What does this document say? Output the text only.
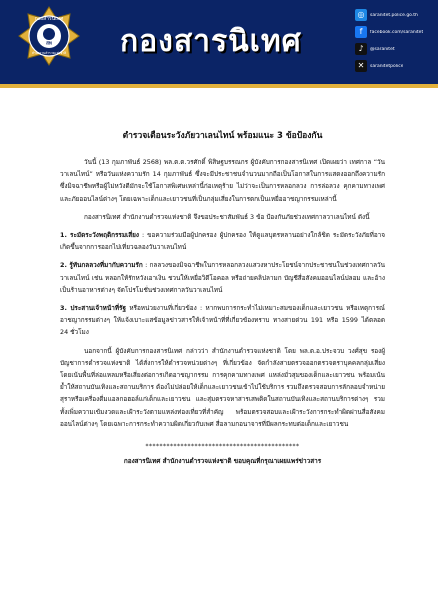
กองสารนิเทศ
สท
สำนักงานตำรวจแห่งชาติ กองสารนิเทศ
◎	saranitet.police.go.th
f	facebook.com/saranitet
♪	@saranitet
✕	saranitetpolice
ตำรวจเตือนระวังภัยวาเลนไทน์ พร้อมแนะ 3 ข้อป้องกัน

วันนี้ (13 กุมภาพันธ์ 2568) พล.ต.ต.วรศักดิ์ พิสิษฐบรรณกร ผู้บังคับการกองสารนิเทศ เปิดเผยว่า เทศกาล “วันวาเลนไทน์” หรือวันแห่งความรัก 14 กุมภาพันธ์ ซึ่งจะมีประชาชนจำนวนมากถือเป็นโอกาสในการแสดงออกถึงความรัก ซึ่งมิจฉาชีพหรือผู้ไม่หวังดีมักจะใช้โอกาสพิเศษเหล่านี้ก่อเหตุร้าย ไม่ว่าจะเป็นการหลอกลวง การล่อลวง คุกคามทางเพศ และภัยออนไลน์ต่างๆ โดยเฉพาะเด็กและเยาวชนที่เป็นกลุ่มเสี่ยงในการตกเป็นเหยื่ออาชญากรรมเหล่านี้

กองสารนิเทศ สำนักงานตำรวจแห่งชาติ จึงขอประชาสัมพันธ์ 3 ข้อ ป้องกันภัยช่วงเทศกาลวาเลนไทน์ ดังนี้

1. ระมัดระวังพฤติกรรมเสี่ยง : ขอความร่วมมือผู้ปกครอง ผู้ปกครอง ให้ดูแลบุตรหลานอย่างใกล้ชิด ระมัดระวังภัยที่อาจเกิดขึ้นจากการออกไปเที่ยวฉลองวันวาเลนไทน์

2. รู้ทันกลลวงที่มากับความรัก : กลลวงของมิจฉาชีพในการหลอกลวงแสวงหาประโยชน์จากประชาชนในช่วงเทศกาลวันวาเลนไทน์ เช่น หลอกให้รักหวังเอาเงิน ชวนให้เหยื่อวิดีโอคอล หรือถ่ายคลิปลามก บัญชีสื่อสังคมออนไลน์ปลอม และอ้างเป็นร้านอาหารต่างๆ จัดโปรโมชั่นช่วงเทศกาลวันวาเลนไทน์

3. ประสานเจ้าหน้าที่รัฐ หรือหน่วยงานที่เกี่ยวข้อง : หากพบการกระทำไม่เหมาะสมของเด็กและเยาวชน หรือเหตุการณ์อาชญากรรมต่างๆ ให้แจ้งเบาะแสข้อมูลข่าวสารให้เจ้าหน้าที่ที่เกี่ยวข้องทราบ ทางสายด่วน 191 หรือ 1599 ได้ตลอด 24 ชั่วโมง

นอกจากนี้ ผู้บังคับการกองสารนิเทศ กล่าวว่า สำนักงานตำรวจแห่งชาติ โดย พล.ต.อ.ประจวบ วงศ์สุข รองผู้บัญชาการตำรวจแห่งชาติ ได้สั่งการให้ตำรวจหน่วยต่างๆ ที่เกี่ยวข้อง จัดกำลังสายตรวจออกตรวจตราบุคคลกลุ่มเสี่ยง โดยเน้นพื้นที่ล่อแหลมหรือเสี่ยงต่อการเกิดอาชญากรรม การคุกคามทางเพศ แหล่งมั่วสุมของเด็กและเยาวชน พร้อมเน้นย้ำให้สถานบันเทิงและสถานบริการ ต้องไม่ปล่อยให้เด็กและเยาวชนเข้าไปใช้บริการ รวมถึงตรวจสอบการลักลอบจำหน่ายสุราหรือเครื่องดื่มแอลกอฮอล์แก่เด็กและเยาวชน และสุ่มตรวจหาสารเสพติดในสถานบันเทิงและสถานบริการต่างๆ รวมทั้งเพิ่มความเข้มงวดและเฝ้าระวังตามแหล่งท่องเที่ยวที่สำคัญ พร้อมตรวจสอบและเฝ้าระวังการกระทำผิดผ่านสื่อสังคมออนไลน์ต่างๆ โดยเฉพาะการกระทำความผิดเกี่ยวกับเพศ สื่อลามกอนาจารที่มีผลกระทบต่อเด็กและเยาวชน

********************************************
กองสารนิเทศ สำนักงานตำรวจแห่งชาติ ขอบคุณที่กรุณาเผยแพร่ข่าวสาร
